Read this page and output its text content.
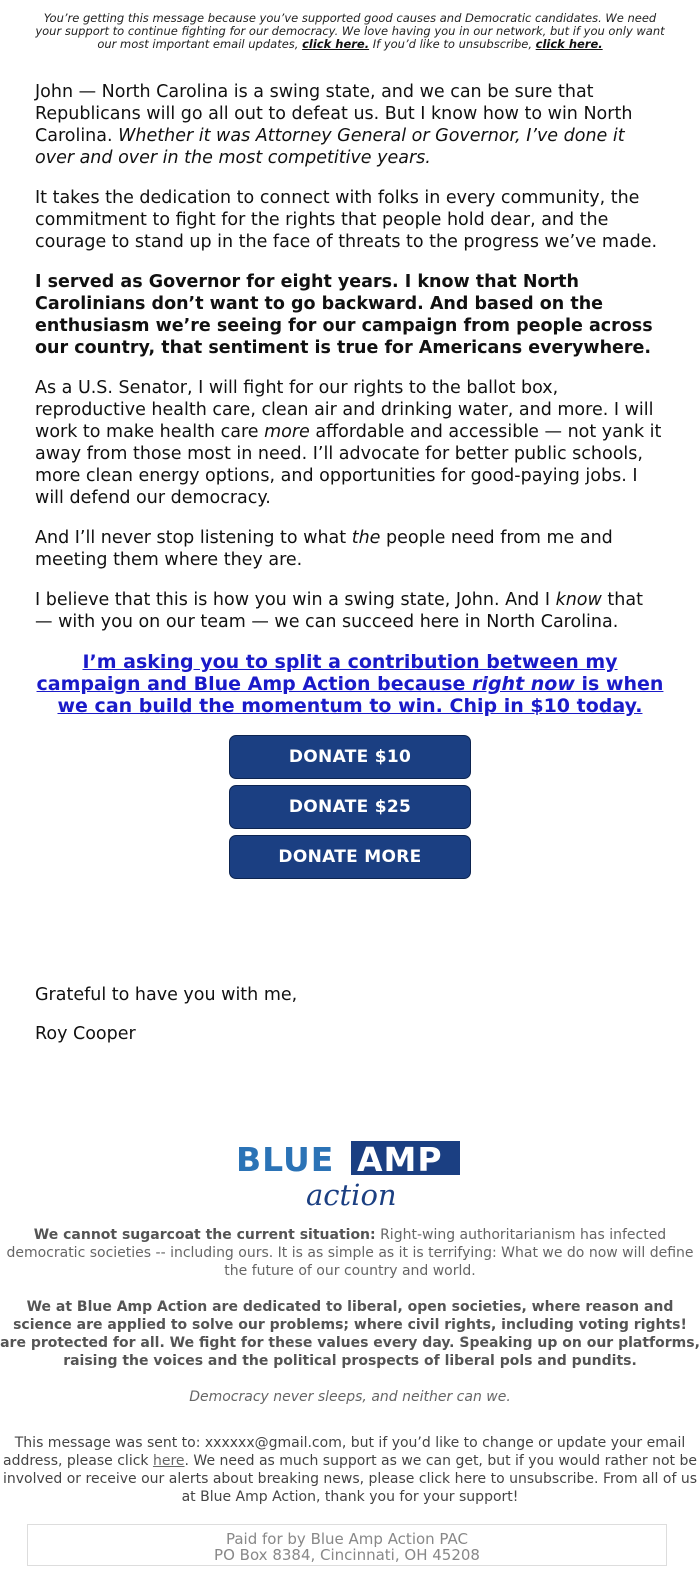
You’re getting this message because you’ve supported good causes and Democratic candidates. We need your support to continue fighting for our democracy. We love having you in our network, but if you only want our most important email updates, click here. If you’d like to unsubscribe, click here.

John — North Carolina is a swing state, and we can be sure that Republicans will go all out to defeat us. But I know how to win North Carolina. Whether it was Attorney General or Governor, I’ve done it over and over in the most competitive years.

It takes the dedication to connect with folks in every community, the commitment to fight for the rights that people hold dear, and the courage to stand up in the face of threats to the progress we’ve made.

I served as Governor for eight years. I know that North Carolinians don’t want to go backward. And based on the enthusiasm we’re seeing for our campaign from people across our country, that sentiment is true for Americans everywhere.

As a U.S. Senator, I will fight for our rights to the ballot box, reproductive health care, clean air and drinking water, and more. I will work to make health care more affordable and accessible — not yank it away from those most in need. I’ll advocate for better public schools, more clean energy options, and opportunities for good-paying jobs. I will defend our democracy.

And I’ll never stop listening to what the people need from me and meeting them where they are.

I believe that this is how you win a swing state, John. And I know that — with you on our team — we can succeed here in North Carolina.

I’m asking you to split a contribution between my campaign and Blue Amp Action because right now is when we can build the momentum to win. Chip in $10 today.
DONATE $10
DONATE $25
DONATE MORE

Grateful to have you with me,

Roy Cooper

BLUE AMP
action

We cannot sugarcoat the current situation: Right-wing authoritarianism has infected democratic societies -- including ours. It is as simple as it is terrifying: What we do now will define the future of our country and world.

We at Blue Amp Action are dedicated to liberal, open societies, where reason and science are applied to solve our problems; where civil rights, including voting rights! are protected for all. We fight for these values every day. Speaking up on our platforms, raising the voices and the political prospects of liberal pols and pundits.

Democracy never sleeps, and neither can we.

This message was sent to: xxxxxx@gmail.com, but if you’d like to change or update your email address, please click here. We need as much support as we can get, but if you would rather not be involved or receive our alerts about breaking news, please click here to unsubscribe. From all of us at Blue Amp Action, thank you for your support!

Paid for by Blue Amp Action PAC
PO Box 8384, Cincinnati, OH 45208
